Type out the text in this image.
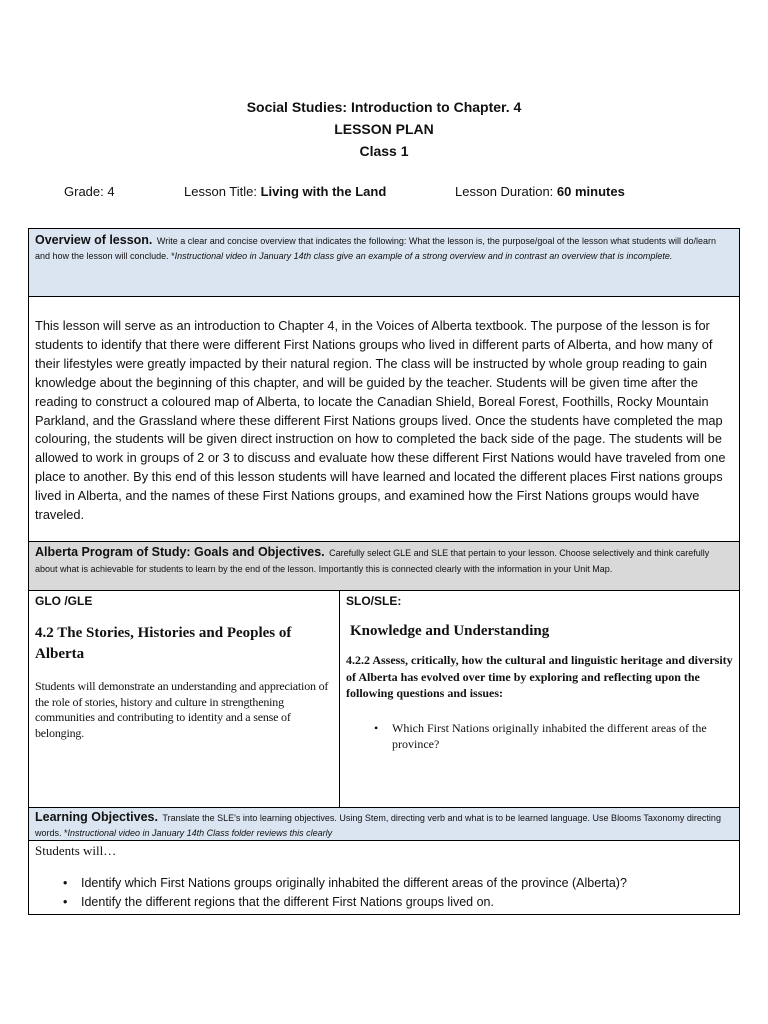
Social Studies: Introduction to Chapter. 4
LESSON PLAN
Class 1
Grade: 4	Lesson Title: Living with the Land	Lesson Duration: 60 minutes
Overview of lesson. Write a clear and concise overview that indicates the following: What the lesson is, the purpose/goal of the lesson what students will do/learn and how the lesson will conclude. *Instructional video in January 14th class give an example of a strong overview and in contrast an overview that is incomplete.
This lesson will serve as an introduction to Chapter 4, in the Voices of Alberta textbook. The purpose of the lesson is for students to identify that there were different First Nations groups who lived in different parts of Alberta, and how many of their lifestyles were greatly impacted by their natural region. The class will be instructed by whole group reading to gain knowledge about the beginning of this chapter, and will be guided by the teacher. Students will be given time after the reading to construct a coloured map of Alberta, to locate the Canadian Shield, Boreal Forest, Foothills, Rocky Mountain Parkland, and the Grassland where these different First Nations groups lived. Once the students have completed the map colouring, the students will be given direct instruction on how to completed the back side of the page. The students will be allowed to work in groups of 2 or 3 to discuss and evaluate how these different First Nations would have traveled from one place to another. By this end of this lesson students will have learned and located the different places First nations groups lived in Alberta, and the names of these First Nations groups, and examined how the First Nations groups would have traveled.
Alberta Program of Study: Goals and Objectives. Carefully select GLE and SLE that pertain to your lesson. Choose selectively and think carefully about what is achievable for students to learn by the end of the lesson. Importantly this is connected clearly with the information in your Unit Map.
GLO /GLE
4.2 The Stories, Histories and Peoples of Alberta
Students will demonstrate an understanding and appreciation of the role of stories, history and culture in strengthening communities and contributing to identity and a sense of belonging.
SLO/SLE:
Knowledge and Understanding
4.2.2 Assess, critically, how the cultural and linguistic heritage and diversity of Alberta has evolved over time by exploring and reflecting upon the following questions and issues:
• Which First Nations originally inhabited the different areas of the province?
Learning Objectives. Translate the SLE's into learning objectives. Using Stem, directing verb and what is to be learned language. Use Blooms Taxonomy directing words. *Instructional video in January 14th Class folder reviews this clearly
Students will…
• Identify which First Nations groups originally inhabited the different areas of the province (Alberta)?
• Identify the different regions that the different First Nations groups lived on.
